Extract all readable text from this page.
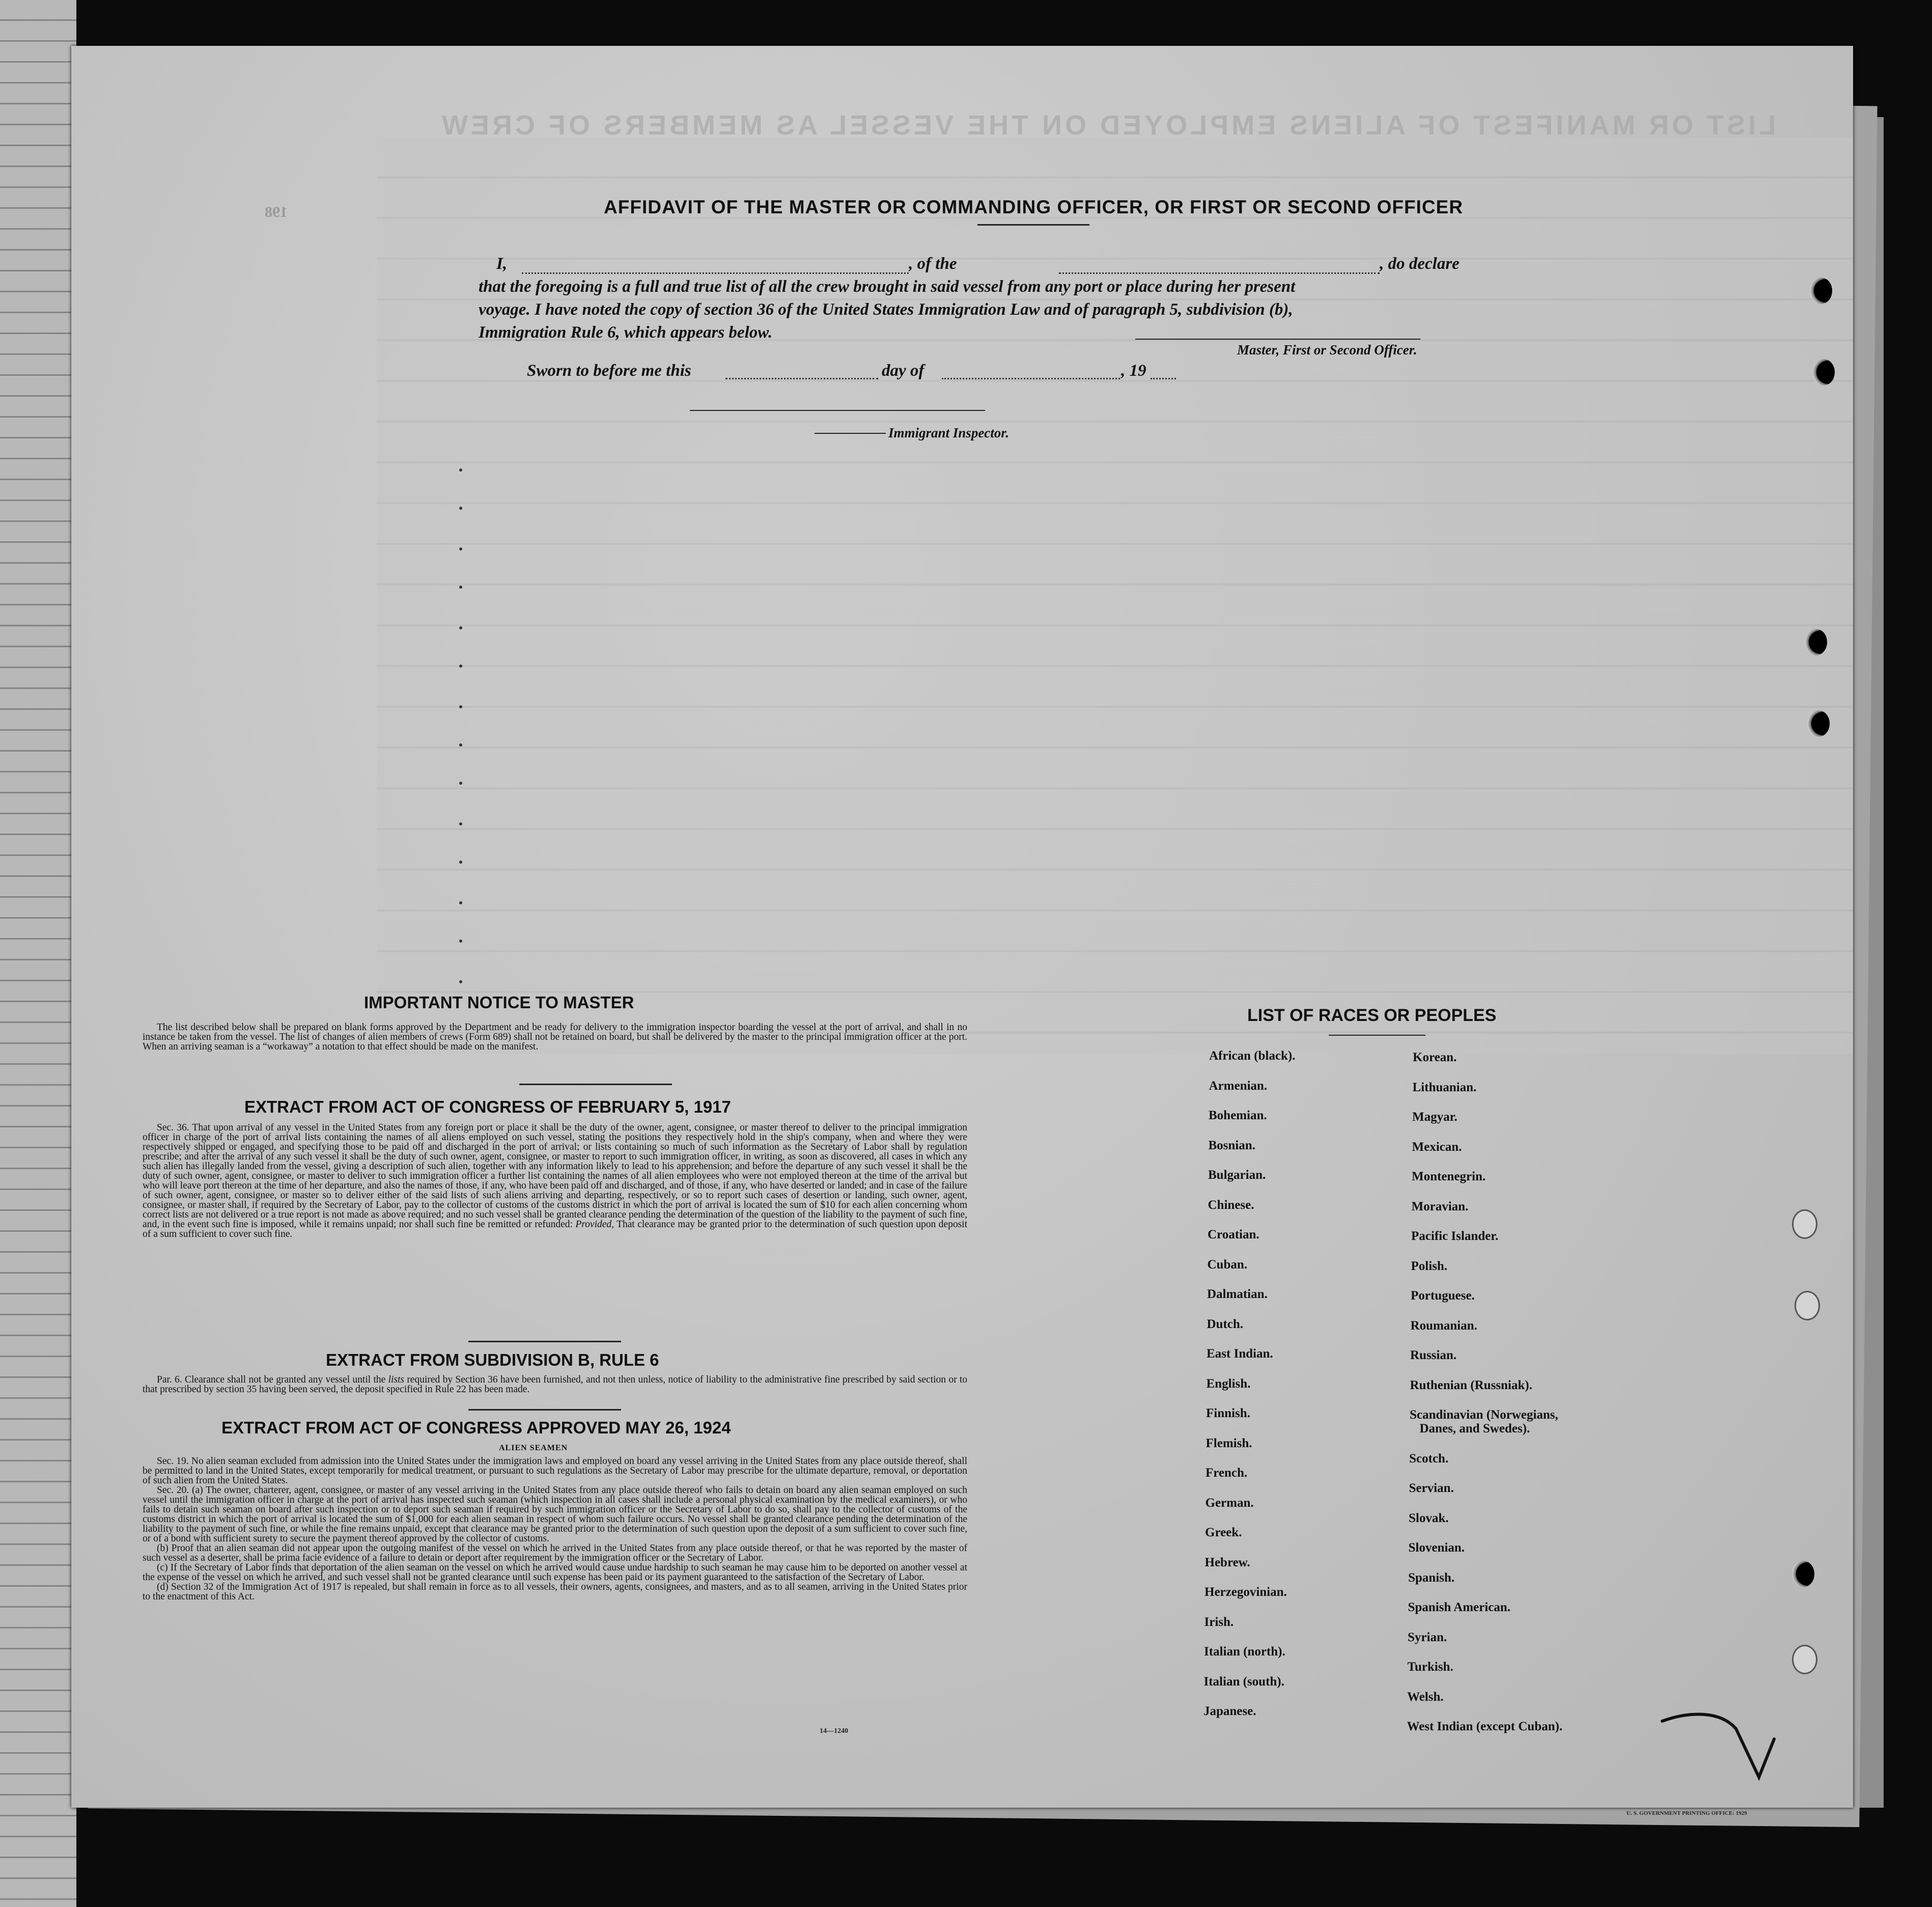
LIST OR MANIFEST OF ALIENS EMPLOYED ON THE VESSEL AS MEMBERS OF CREW
198	AFFIDAVIT OF THE MASTER OR COMMANDING OFFICER, OR FIRST OR SECOND OFFICER
I,	, of the	, do declare
that the foregoing is a full and true list of all the crew brought in said vessel from any port or place during her present
voyage. I have noted the copy of section 36 of the United States Immigration Law and of paragraph 5, subdivision (b),
Immigration Rule 6, which appears below.
Master, First or Second Officer.
Sworn to before me this	day of	, 19
Immigrant Inspector.
IMPORTANT NOTICE TO MASTER

The list described below shall be prepared on blank forms approved by the Department and be ready for delivery to the immigration inspector boarding the vessel at the port of arrival, and shall in no instance be taken from the vessel. The list of changes of alien members of crews (Form 689) shall not be retained on board, but shall be delivered by the master to the principal immigration officer at the port. When an arriving seaman is a “workaway” a notation to that effect should be made on the manifest.

EXTRACT FROM ACT OF CONGRESS OF FEBRUARY 5, 1917

Sec. 36. That upon arrival of any vessel in the United States from any foreign port or place it shall be the duty of the owner, agent, consignee, or master thereof to deliver to the principal immigration officer in charge of the port of arrival lists containing the names of all aliens employed on such vessel, stating the positions they respectively hold in the ship's company, when and where they were respectively shipped or engaged, and specifying those to be paid off and discharged in the port of arrival; or lists containing so much of such information as the Secretary of Labor shall by regulation prescribe; and after the arrival of any such vessel it shall be the duty of such owner, agent, consignee, or master to report to such immigration officer, in writing, as soon as discovered, all cases in which any such alien has illegally landed from the vessel, giving a description of such alien, together with any information likely to lead to his apprehension; and before the departure of any such vessel it shall be the duty of such owner, agent, consignee, or master to deliver to such immigration officer a further list containing the names of all alien employees who were not employed thereon at the time of the arrival but who will leave port thereon at the time of her departure, and also the names of those, if any, who have been paid off and discharged, and of those, if any, who have deserted or landed; and in case of the failure of such owner, agent, consignee, or master so to deliver either of the said lists of such aliens arriving and departing, respectively, or so to report such cases of desertion or landing, such owner, agent, consignee, or master shall, if required by the Secretary of Labor, pay to the collector of customs of the customs district in which the port of arrival is located the sum of $10 for each alien concerning whom correct lists are not delivered or a true report is not made as above required; and no such vessel shall be granted clearance pending the determination of the question of the liability to the payment of such fine, and, in the event such fine is imposed, while it remains unpaid; nor shall such fine be remitted or refunded: Provided, That clearance may be granted prior to the determination of such question upon deposit of a sum sufficient to cover such fine.

EXTRACT FROM SUBDIVISION B, RULE 6

Par. 6. Clearance shall not be granted any vessel until the lists required by Section 36 have been furnished, and not then unless, notice of liability to the administrative fine prescribed by said section or to that prescribed by section 35 having been served, the deposit specified in Rule 22 has been made.

EXTRACT FROM ACT OF CONGRESS APPROVED MAY 26, 1924
ALIEN SEAMEN

Sec. 19. No alien seaman excluded from admission into the United States under the immigration laws and employed on board any vessel arriving in the United States from any place outside thereof, shall be permitted to land in the United States, except temporarily for medical treatment, or pursuant to such regulations as the Secretary of Labor may prescribe for the ultimate departure, removal, or deportation of such alien from the United States.

Sec. 20. (a) The owner, charterer, agent, consignee, or master of any vessel arriving in the United States from any place outside thereof who fails to detain on board any alien seaman employed on such vessel until the immigration officer in charge at the port of arrival has inspected such seaman (which inspection in all cases shall include a personal physical examination by the medical examiners), or who fails to detain such seaman on board after such inspection or to deport such seaman if required by such immigration officer or the Secretary of Labor to do so, shall pay to the collector of customs of the customs district in which the port of arrival is located the sum of $1,000 for each alien seaman in respect of whom such failure occurs. No vessel shall be granted clearance pending the determination of the liability to the payment of such fine, or while the fine remains unpaid, except that clearance may be granted prior to the determination of such question upon the deposit of a sum sufficient to cover such fine, or of a bond with sufficient surety to secure the payment thereof approved by the collector of customs.

(b) Proof that an alien seaman did not appear upon the outgoing manifest of the vessel on which he arrived in the United States from any place outside thereof, or that he was reported by the master of such vessel as a deserter, shall be prima facie evidence of a failure to detain or deport after requirement by the immigration officer or the Secretary of Labor.

(c) If the Secretary of Labor finds that deportation of the alien seaman on the vessel on which he arrived would cause undue hardship to such seaman he may cause him to be deported on another vessel at the expense of the vessel on which he arrived, and such vessel shall not be granted clearance until such expense has been paid or its payment guaranteed to the satisfaction of the Secretary of Labor.

(d) Section 32 of the Immigration Act of 1917 is repealed, but shall remain in force as to all vessels, their owners, agents, consignees, and masters, and as to all seamen, arriving in the United States prior to the enactment of this Act.

14—1240
LIST OF RACES OR PEOPLES
African (black).
Armenian.
Bohemian.
Bosnian.
Bulgarian.
Chinese.
Croatian.
Cuban.
Dalmatian.
Dutch.
East Indian.
English.
Finnish.
Flemish.
French.
German.
Greek.
Hebrew.
Herzegovinian.
Irish.
Italian (north).
Italian (south).
Japanese.
Korean.
Lithuanian.
Magyar.
Mexican.
Montenegrin.
Moravian.
Pacific Islander.
Polish.
Portuguese.
Roumanian.
Russian.
Ruthenian (Russniak).
Scandinavian (Norwegians,
Danes, and Swedes).
Scotch.
Servian.
Slovak.
Slovenian.
Spanish.
Spanish American.
Syrian.
Turkish.
Welsh.
West Indian (except Cuban).
U. S. GOVERNMENT PRINTING OFFICE: 1929
